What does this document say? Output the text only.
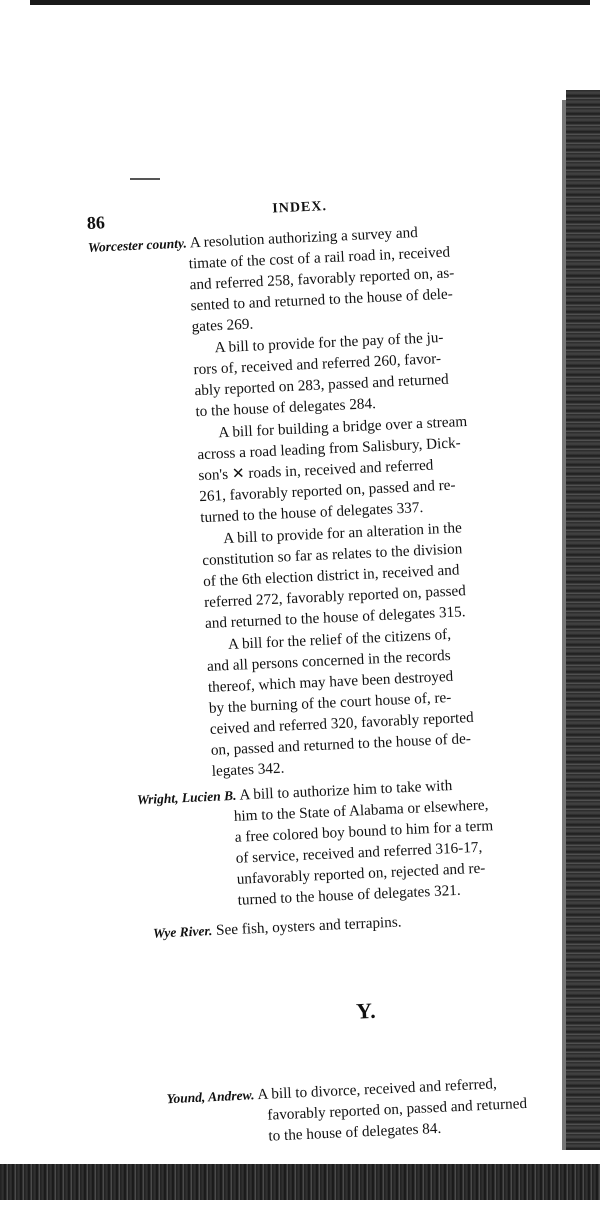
86
INDEX.
Worcester county. A resolution authorizing a survey and
timate of the cost of a rail road in, received
and referred 258, favorably reported on, as-
sented to and returned to the house of dele-
gates 269.
A bill to provide for the pay of the ju-
rors of, received and referred 260, favor-
ably reported on 283, passed and returned
to the house of delegates 284.
A bill for building a bridge over a stream
across a road leading from Salisbury, Dick-
son's ✕ roads in, received and referred
261, favorably reported on, passed and re-
turned to the house of delegates 337.
A bill to provide for an alteration in the
constitution so far as relates to the division
of the 6th election district in, received and
referred 272, favorably reported on, passed
and returned to the house of delegates 315.
A bill for the relief of the citizens of,
and all persons concerned in the records
thereof, which may have been destroyed
by the burning of the court house of, re-
ceived and referred 320, favorably reported
on, passed and returned to the house of de-
legates 342.
Wright, Lucien B. A bill to authorize him to take with
him to the State of Alabama or elsewhere,
a free colored boy bound to him for a term
of service, received and referred 316-17,
unfavorably reported on, rejected and re-
turned to the house of delegates 321.
Wye River. See fish, oysters and terrapins.
Y.
Yound, Andrew. A bill to divorce, received and referred,
favorably reported on, passed and returned
to the house of delegates 84.
